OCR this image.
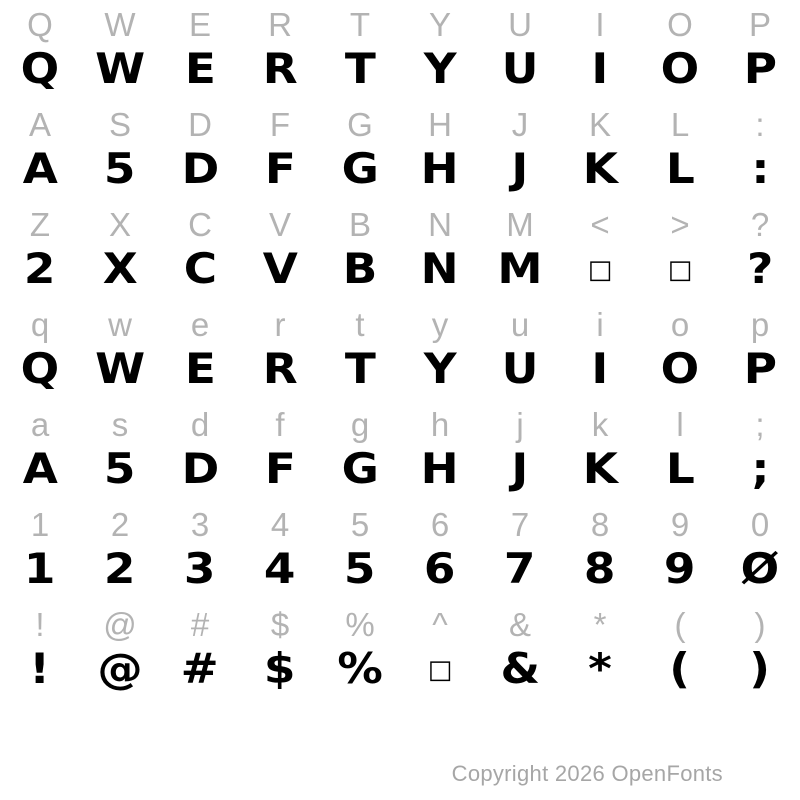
Q
Q
W
W
E
E
R
R
T
T
Y
Y
U
U
I
I
O
O
P
P
A
A
S
5
D
D
F
F
G
G
H
H
J
J
K
K
L
L
:
:
Z
2
X
X
C
C
V
V
B
B
N
N
M
M
<
□
>
□
?
?
q
Q
w
W
e
E
r
R
t
T
y
Y
u
U
i
I
o
O
p
P
a
A
s
5
d
D
f
F
g
G
h
H
j
J
k
K
l
L
;
;
1
1
2
2
3
3
4
4
5
5
6
6
7
7
8
8
9
9
0
Ø
!
!
@
@
#
#
$
$
%
%
^
□
&
&
*
*
(
(
)
)
Copyright 2026 OpenFonts
